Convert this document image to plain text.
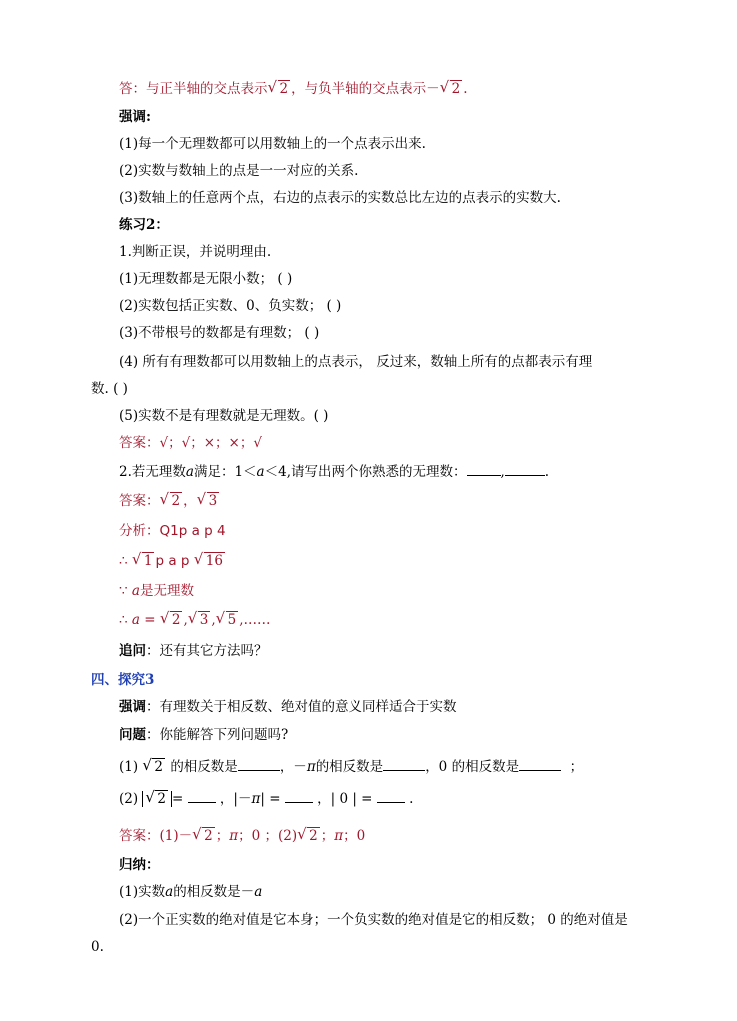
答：与正半轴的交点表示 √ 2 ，与负半轴的交点表示－ √ 2 .
强调:
(1)每一个无理数都可以用数轴上的一个点表示出来.
(2)实数与数轴上的点是一一对应的关系.
(3)数轴上的任意两个点，右边的点表示的实数总比左边的点表示的实数大.
练习2：
1.判断正误，并说明理由.
(1)无理数都是无限小数； ( )
(2)实数包括正实数、0、负实数； ( )
(3)不带根号的数都是有理数； ( )
(4) 所有有理数都可以用数轴上的点表示， 反过来，数轴上所有的点都表示有理
数. ( )
(5)实数不是有理数就是无理数。( )
答案：√；√；×；×；√
2.若无理数a满足：1＜a＜4,请写出两个你熟悉的无理数：	,	.
答案： √ 2 ， √ 3
分析：Q1p a p 4
∴ √ 1 p a p √ 16
∵ a是无理数
∴ a = √ 2 , √ 3 , √ 5 ,……
追问：还有其它方法吗？
四、探究3
强调：有理数关于相反数、绝对值的意义同样适合于实数
问题：你能解答下列问题吗?
(1) √ 2 的相反数是	，－π的相反数是	，0 的相反数是	；
(2) √ 2 =	，|－π| =	，| 0 | =	.
答案：(1)－ √ 2 ；π；0 ；(2) √ 2 ；π；0
归纳：
(1)实数a的相反数是－a
(2)一个正实数的绝对值是它本身；一个负实数的绝对值是它的相反数； 0 的绝对值是
0.
